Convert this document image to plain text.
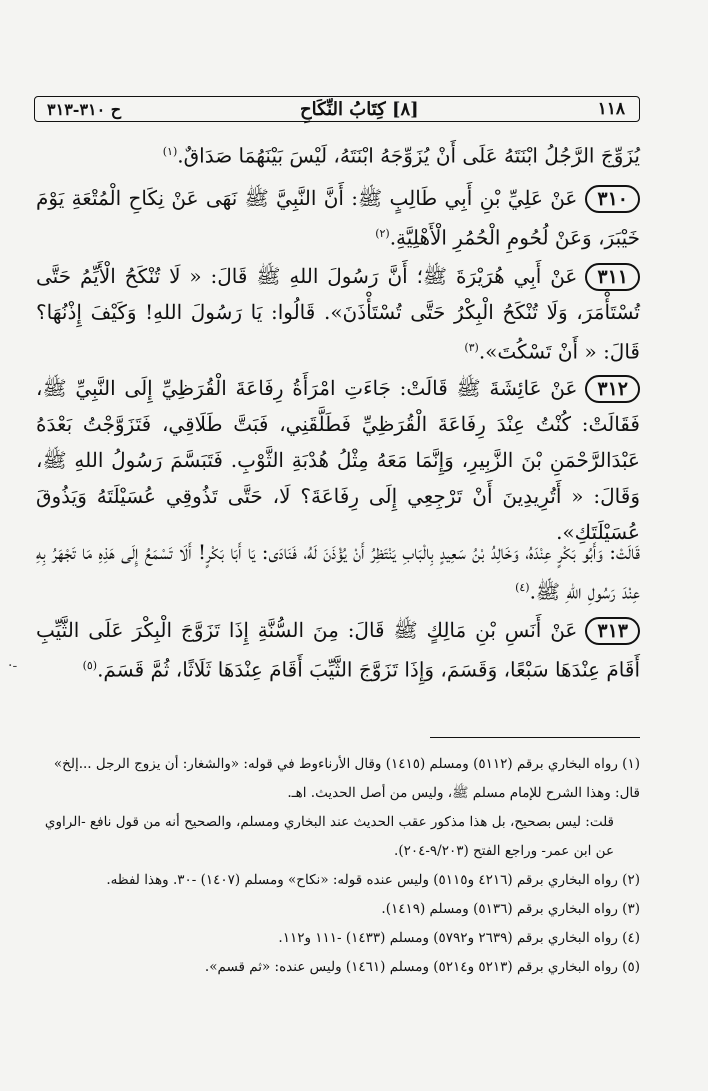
١١٨
[٨] كِتَابُ النِّكَاحِ
ح ٣١٠-٣١٣

يُزَوِّجَ الرَّجُلُ ابْنَتَهُ عَلَى أَنْ يُزَوِّجَهُ ابْنَتَهُ، لَيْسَ بَيْنَهُمَا صَدَاقٌ.$^{(١)}$

٣١٠عَنْ عَلِيِّ بْنِ أَبِي طَالِبٍ ﷺ: أَنَّ النَّبِيَّ ﷺ نَهَى عَنْ نِكَاحِ الْمُتْعَةِ يَوْمَ خَيْبَرَ، وَعَنْ لُحُومِ الْحُمُرِ الْأَهْلِيَّةِ.$^{(٢)}$

٣١١عَنْ أَبِي هُرَيْرَةَ ﷺ؛ أَنَّ رَسُولَ اللهِ ﷺ قَالَ: « لَا تُنْكَحُ الْأَيِّمُ حَتَّى تُسْتَأْمَرَ، وَلَا تُنْكَحُ الْبِكْرُ حَتَّى تُسْتَأْذَنَ». قَالُوا: يَا رَسُولَ اللهِ! وَكَيْفَ إِذْنُهَا؟ قَالَ: « أَنْ تَسْكُتَ».$^{(٣)}$

٣١٢عَنْ عَائِشَةَ ﷺ قَالَتْ: جَاءَتِ امْرَأَةُ رِفَاعَةَ الْقُرَظِيِّ إِلَى النَّبِيِّ ﷺ، فَقَالَتْ: كُنْتُ عِنْدَ رِفَاعَةَ الْقُرَظِيِّ فَطَلَّقَنِي، فَبَتَّ طَلَاقِي، فَتَزَوَّجْتُ بَعْدَهُ عَبْدَالرَّحْمَنِ بْنَ الزَّبِيرِ، وَإِنَّمَا مَعَهُ مِثْلُ هُدْبَةِ الثَّوْبِ. فَتَبَسَّمَ رَسُولُ اللهِ ﷺ، وَقَالَ: « أَتُرِيدِينَ أَنْ تَرْجِعِي إِلَى رِفَاعَةَ؟ لَا، حَتَّى تَذُوقِي عُسَيْلَتَهُ وَيَذُوقَ عُسَيْلَتَكِ».

قَالَتْ: وَأَبُو بَكْرٍ عِنْدَهُ، وَخَالِدُ بْنُ سَعِيدٍ بِالْبَابِ يَنْتَظِرُ أَنْ يُؤْذَنَ لَهُ، فَنَادَى: يَا أَبَا بَكْرٍ! أَلَا تَسْمَعُ إِلَى هَذِهِ مَا تَجْهَرُ بِهِ عِنْدَ رَسُولِ اللهِ ﷺ.$^{(٤)}$

٣١٣عَنْ أَنَسِ بْنِ مَالِكٍ ﷺ قَالَ: مِنَ السُّنَّةِ إِذَا تَزَوَّجَ الْبِكْرَ عَلَى الثَّيِّبِ أَقَامَ عِنْدَهَا سَبْعًا، وَقَسَمَ، وَإِذَا تَزَوَّجَ الثَّيِّبَ أَقَامَ عِنْدَهَا ثَلَاثًا، ثُمَّ قَسَمَ.$^{(٥)}$

·-

(١) رواه البخاري برقم (٥١١٢) ومسلم (١٤١٥) وقال الأرناءوط في قوله: «والشغار: أن يزوج الرجل ...إلخ» قال: وهذا الشرح للإمام مسلم ﷺ، وليس من أصل الحديث. اهـ.

قلت: ليس بصحيح، بل هذا مذكور عقب الحديث عند البخاري ومسلم، والصحيح أنه من قول نافع -الراوي عن ابن عمر- وراجع الفتح (٩/٢٠٣-٢٠٤).

(٢) رواه البخاري برقم (٤٢١٦ و٥١١٥) وليس عنده قوله: «نكاح» ومسلم (١٤٠٧) -٣٠. وهذا لفظه.

(٣) رواه البخاري برقم (٥١٣٦) ومسلم (١٤١٩).

(٤) رواه البخاري برقم (٢٦٣٩ و٥٧٩٢) ومسلم (١٤٣٣) -١١١ و١١٢.

(٥) رواه البخاري برقم (٥٢١٣ و٥٢١٤) ومسلم (١٤٦١) وليس عنده: «ثم قسم».
